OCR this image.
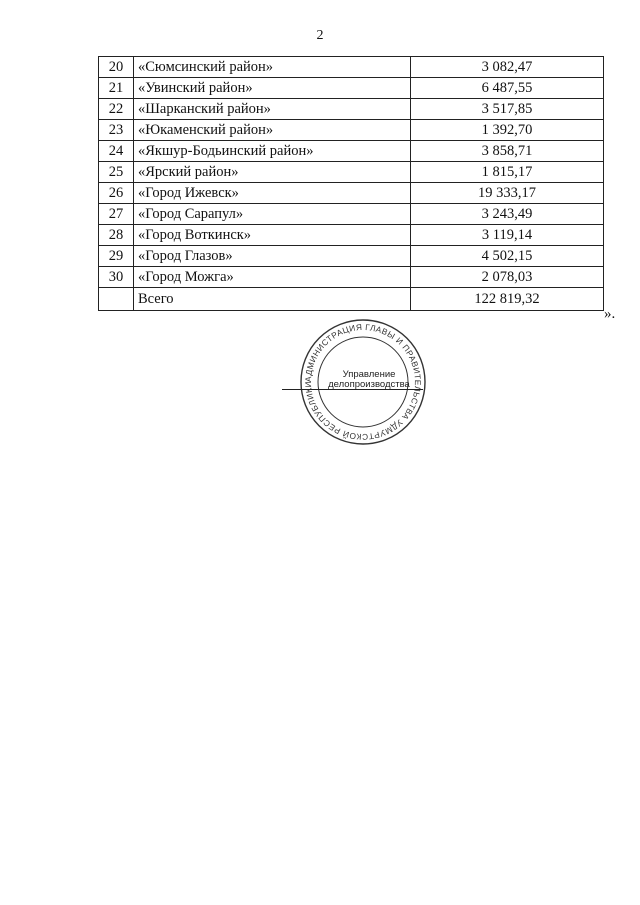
2
20	«Сюмсинский район»	3 082,47
21	«Увинский район»	6 487,55
22	«Шарканский район»	3 517,85
23	«Юкаменский район»	1 392,70
24	«Якшур-Бодьинский район»	3 858,71
25	«Ярский район»	1 815,17
26	«Город Ижевск»	19 333,17
27	«Город Сарапул»	3 243,49
28	«Город Воткинск»	3 119,14
29	«Город Глазов»	4 502,15
30	«Город Можга»	2 078,03
	Всего	122 819,32
».
АДМИНИСТРАЦИЯ ГЛАВЫ И ПРАВИТЕЛЬСТВА УДМУРТСКОЙ РЕСПУБЛИКИ
Управление
делопроизводства
